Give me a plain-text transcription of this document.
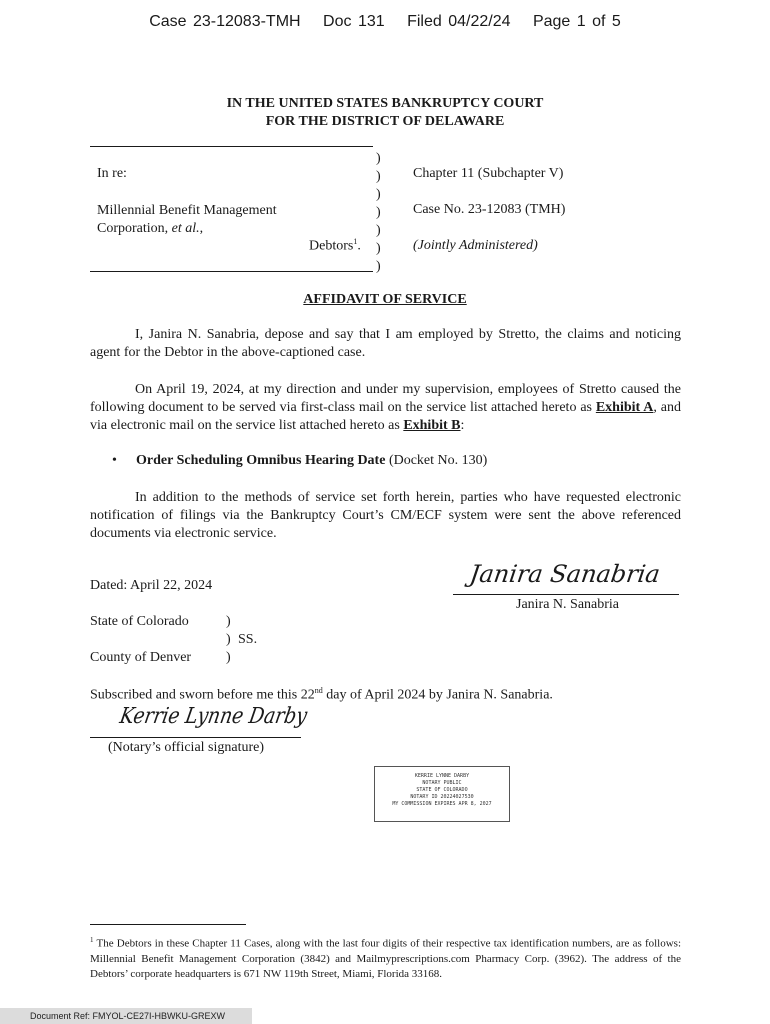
Case 23-12083-TMH Doc 131 Filed 04/22/24 Page 1 of 5
IN THE UNITED STATES BANKRUPTCY COURT
FOR THE DISTRICT OF DELAWARE
)
)
)
)
)
)
)
In re:
Millennial Benefit Management
Corporation, et al.,
Debtors$^1$.
Chapter 11 (Subchapter V)
Case No. 23-12083 (TMH)
(Jointly Administered)
AFFIDAVIT OF SERVICE
I, Janira N. Sanabria, depose and say that I am employed by Stretto, the claims and noticing agent for the Debtor in the above-captioned case.
On April 19, 2024, at my direction and under my supervision, employees of Stretto caused the following document to be served via first-class mail on the service list attached hereto as Exhibit A, and via electronic mail on the service list attached hereto as Exhibit B:
• Order Scheduling Omnibus Hearing Date (Docket No. 130)
In addition to the methods of service set forth herein, parties who have requested electronic notification of filings via the Bankruptcy Court’s CM/ECF system were sent the above referenced documents via electronic service.
Dated: April 22, 2024	Janira Sanabria
Janira N. Sanabria
State of Colorado	)
) SS.
County of Denver )
Subscribed and sworn before me this 22nd day of April 2024 by Janira N. Sanabria.
Kerrie Lynne Darby
(Notary’s official signature)
KERRIE LYNNE DARBY
NOTARY PUBLIC
STATE OF COLORADO
NOTARY ID 20224027530
MY COMMISSION EXPIRES APR 8, 2027
$^1$ The Debtors in these Chapter 11 Cases, along with the last four digits of their respective tax identification numbers, are as follows: Millennial Benefit Management Corporation (3842) and Mailmyprescriptions.com Pharmacy Corp. (3962). The address of the Debtors’ corporate headquarters is 671 NW 119th Street, Miami, Florida 33168.
Document Ref: FMYOL-CE27I-HBWKU-GREXW
